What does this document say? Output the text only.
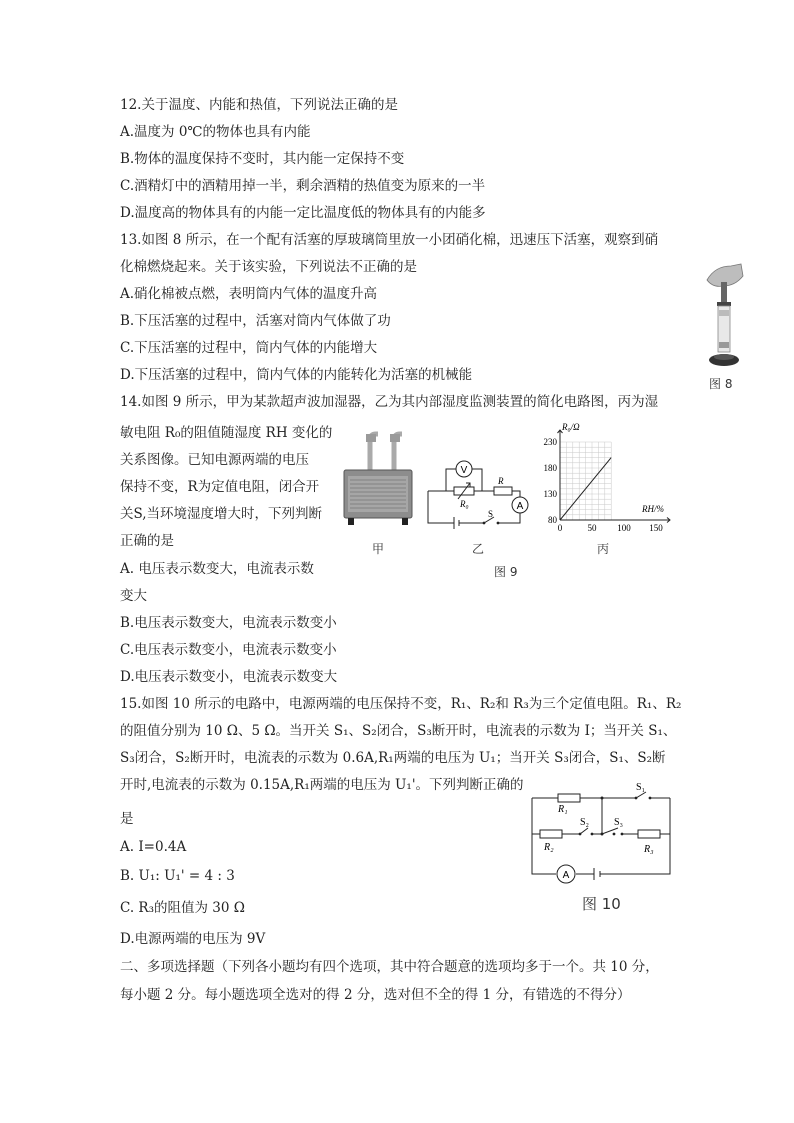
12.关于温度、内能和热值，下列说法正确的是
A.温度为 0℃的物体也具有内能
B.物体的温度保持不变时，其内能一定保持不变
C.酒精灯中的酒精用掉一半，剩余酒精的热值变为原来的一半
D.温度高的物体具有的内能一定比温度低的物体具有的内能多
13.如图 8 所示，在一个配有活塞的厚玻璃筒里放一小团硝化棉，迅速压下活塞，观察到硝
化棉燃烧起来。关于该实验，下列说法不正确的是
A.硝化棉被点燃，表明筒内气体的温度升高
B.下压活塞的过程中，活塞对筒内气体做了功
C.下压活塞的过程中，筒内气体的内能增大
D.下压活塞的过程中，筒内气体的内能转化为活塞的机械能
图 8
14.如图 9 所示，甲为某款超声波加湿器，乙为其内部湿度监测装置的简化电路图，丙为湿
敏电阻 R₀的阻值随湿度 RH 变化的
关系图像。已知电源两端的电压
保持不变，R为定值电阻，闭合开
关S,当环境湿度增大时，下列判断
正确的是
A. 电压表示数变大，电流表示数
变大
B.电压表示数变大，电流表示数变小
C.电压表示数变小，电流表示数变小
D.电压表示数变小，电流表示数变大
甲
V
A
R₀
R
S
乙
0	50 100 150
80
130
180
230
R₀/Ω
RH/%
丙
图 9
15.如图 10 所示的电路中，电源两端的电压保持不变，R₁、R₂和 R₃为三个定值电阻。R₁、R₂
的阻值分别为 10 Ω、5 Ω。当开关 S₁、S₂闭合，S₃断开时，电流表的示数为 I；当开关 S₁、
S₃闭合，S₂断开时，电流表的示数为 0.6A,R₁两端的电压为 U₁；当开关 S₃闭合，S₁、S₂断
开时,电流表的示数为 0.15A,R₁两端的电压为 U₁'。下列判断正确的
是
A. I=0.4A
B. U₁: U₁' = 4 : 3
C. R₃的阻值为 30 Ω
D.电源两端的电压为 9V
S₁
R₁
S₂ S₃
R₂	R₃
A
图 10
二、多项选择题（下列各小题均有四个选项，其中符合题意的选项均多于一个。共 10 分，
每小题 2 分。每小题选项全选对的得 2 分，选对但不全的得 1 分，有错选的不得分）
